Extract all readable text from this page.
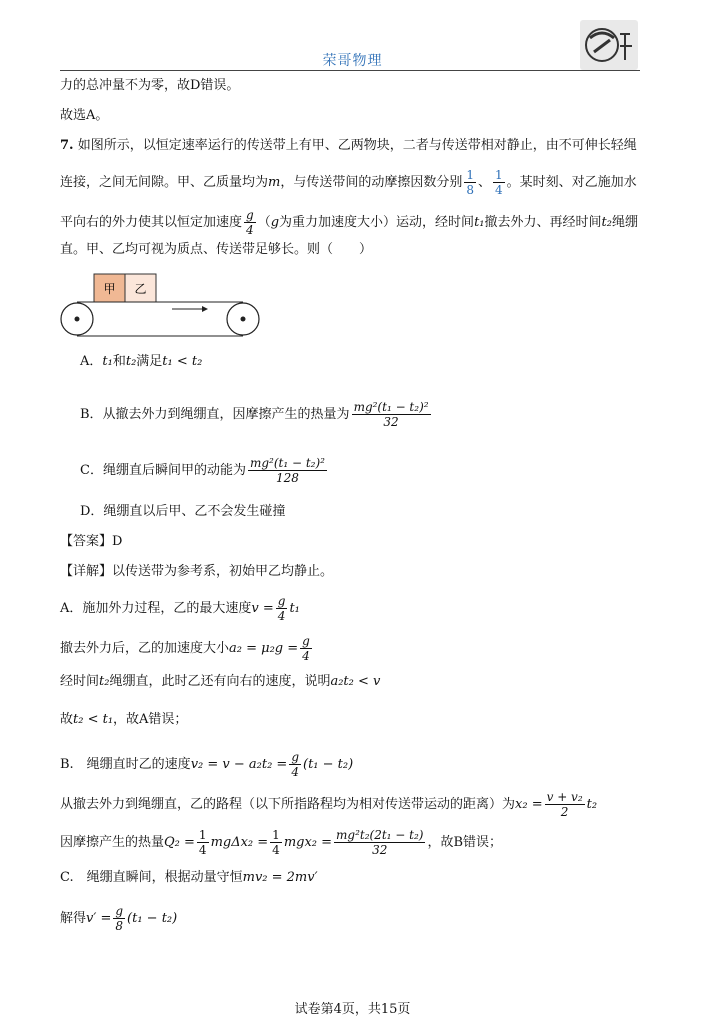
荣哥物理
力的总冲量不为零，故D错误。
故选A。
7. 如图所示，以恒定速率运行的传送带上有甲、乙两物块，二者与传送带相对静止，由不可伸长轻绳
连接，之间无间隙。甲、乙质量均为m，与传送带间的动摩擦因数分别 $\frac{1}{8}$ 、 $\frac{1}{4}$ 。某时刻、对乙施加水
平向右的外力使其以恒定加速度 $\frac{g}{4} (g$为重力加速度大小）运动，经时间t₁撤去外力、再经时间t₂绳绷
直。甲、乙均可视为质点、传送带足够长。则（　　）
甲 乙
A．t₁和t₂满足t₁ < t₂
B．从撤去外力到绳绷直，因摩擦产生的热量为 $\frac{\text{mg²(t₁ − t₂)²}}{32}$
C．绳绷直后瞬间甲的动能为 $\frac{\text{mg²(t₁ − t₂)²}}{128}$
D．绳绷直以后甲、乙不会发生碰撞
【答案】D
【详解】以传送带为参考系，初始甲乙均静止。
A．施加外力过程，乙的最大速度$v = \frac{g}{4} t_1$
撤去外力后，乙的加速度大小$a_2 = \mu_2g = \frac{g}{4}$
经时间t₂绳绷直，此时乙还有向右的速度，说明a₂t₂ < v
故t₂ < t₁，故A错误；
B.　绳绷直时乙的速度$v_2 = v - a_2t_2 = \frac{g}{4} (t_1 - t_2)$
从撤去外力到绳绷直，乙的路程（以下所指路程均为相对传送带运动的距离）为$x_2 = \frac{\text{v + v₂}}{2} t_2$
因摩擦产生的热量$Q_2 = \frac{1}{4} mg\Delta x_2 = \frac{1}{4} mgx_2 = \frac{\text{mg²t₂(2t₁ − t₂)}}{32}$ ，故B错误；
C.　绳绷直瞬间，根据动量守恒mv₂ = 2mv′
解得$v' = \frac{g}{8} (t_1 - t_2)$
试卷第4页，共15页
